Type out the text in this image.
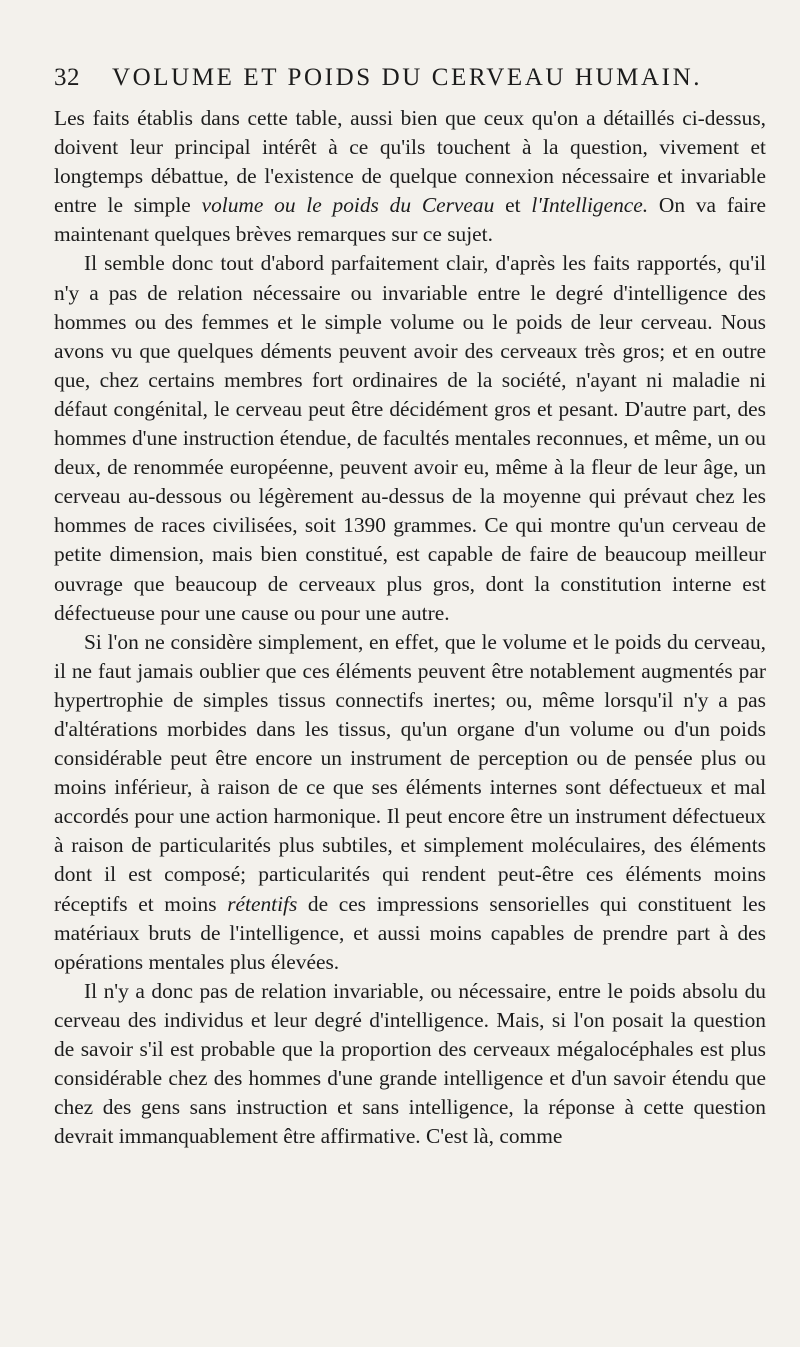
32 VOLUME ET POIDS DU CERVEAU HUMAIN.

Les faits établis dans cette table, aussi bien que ceux qu'on a détaillés ci-dessus, doivent leur principal intérêt à ce qu'ils touchent à la question, vivement et longtemps débattue, de l'existence de quelque connexion nécessaire et invariable entre le simple volume ou le poids du Cerveau et l'Intelligence. On va faire maintenant quelques brèves remarques sur ce sujet.

Il semble donc tout d'abord parfaitement clair, d'après les faits rapportés, qu'il n'y a pas de relation nécessaire ou invariable entre le degré d'intelligence des hommes ou des femmes et le simple volume ou le poids de leur cerveau. Nous avons vu que quelques déments peuvent avoir des cerveaux très gros; et en outre que, chez certains membres fort ordinaires de la société, n'ayant ni maladie ni défaut congénital, le cerveau peut être décidément gros et pesant. D'autre part, des hommes d'une instruction étendue, de facultés mentales reconnues, et même, un ou deux, de renommée européenne, peuvent avoir eu, même à la fleur de leur âge, un cerveau au-dessous ou légèrement au-dessus de la moyenne qui prévaut chez les hommes de races civilisées, soit 1390 grammes. Ce qui montre qu'un cerveau de petite dimension, mais bien constitué, est capable de faire de beaucoup meilleur ouvrage que beaucoup de cerveaux plus gros, dont la constitution interne est défectueuse pour une cause ou pour une autre.

Si l'on ne considère simplement, en effet, que le volume et le poids du cerveau, il ne faut jamais oublier que ces éléments peuvent être notablement augmentés par hypertrophie de simples tissus connectifs inertes; ou, même lorsqu'il n'y a pas d'altérations morbides dans les tissus, qu'un organe d'un volume ou d'un poids considérable peut être encore un instrument de perception ou de pensée plus ou moins inférieur, à raison de ce que ses éléments internes sont défectueux et mal accordés pour une action harmonique. Il peut encore être un instrument défectueux à raison de particularités plus subtiles, et simplement moléculaires, des éléments dont il est composé; particularités qui rendent peut-être ces éléments moins réceptifs et moins rétentifs de ces impressions sensorielles qui constituent les matériaux bruts de l'intelligence, et aussi moins capables de prendre part à des opérations mentales plus élevées.

Il n'y a donc pas de relation invariable, ou nécessaire, entre le poids absolu du cerveau des individus et leur degré d'intelligence. Mais, si l'on posait la question de savoir s'il est probable que la proportion des cerveaux mégalocéphales est plus considérable chez des hommes d'une grande intelligence et d'un savoir étendu que chez des gens sans instruction et sans intelligence, la réponse à cette question devrait immanquablement être affirmative. C'est là, comme
